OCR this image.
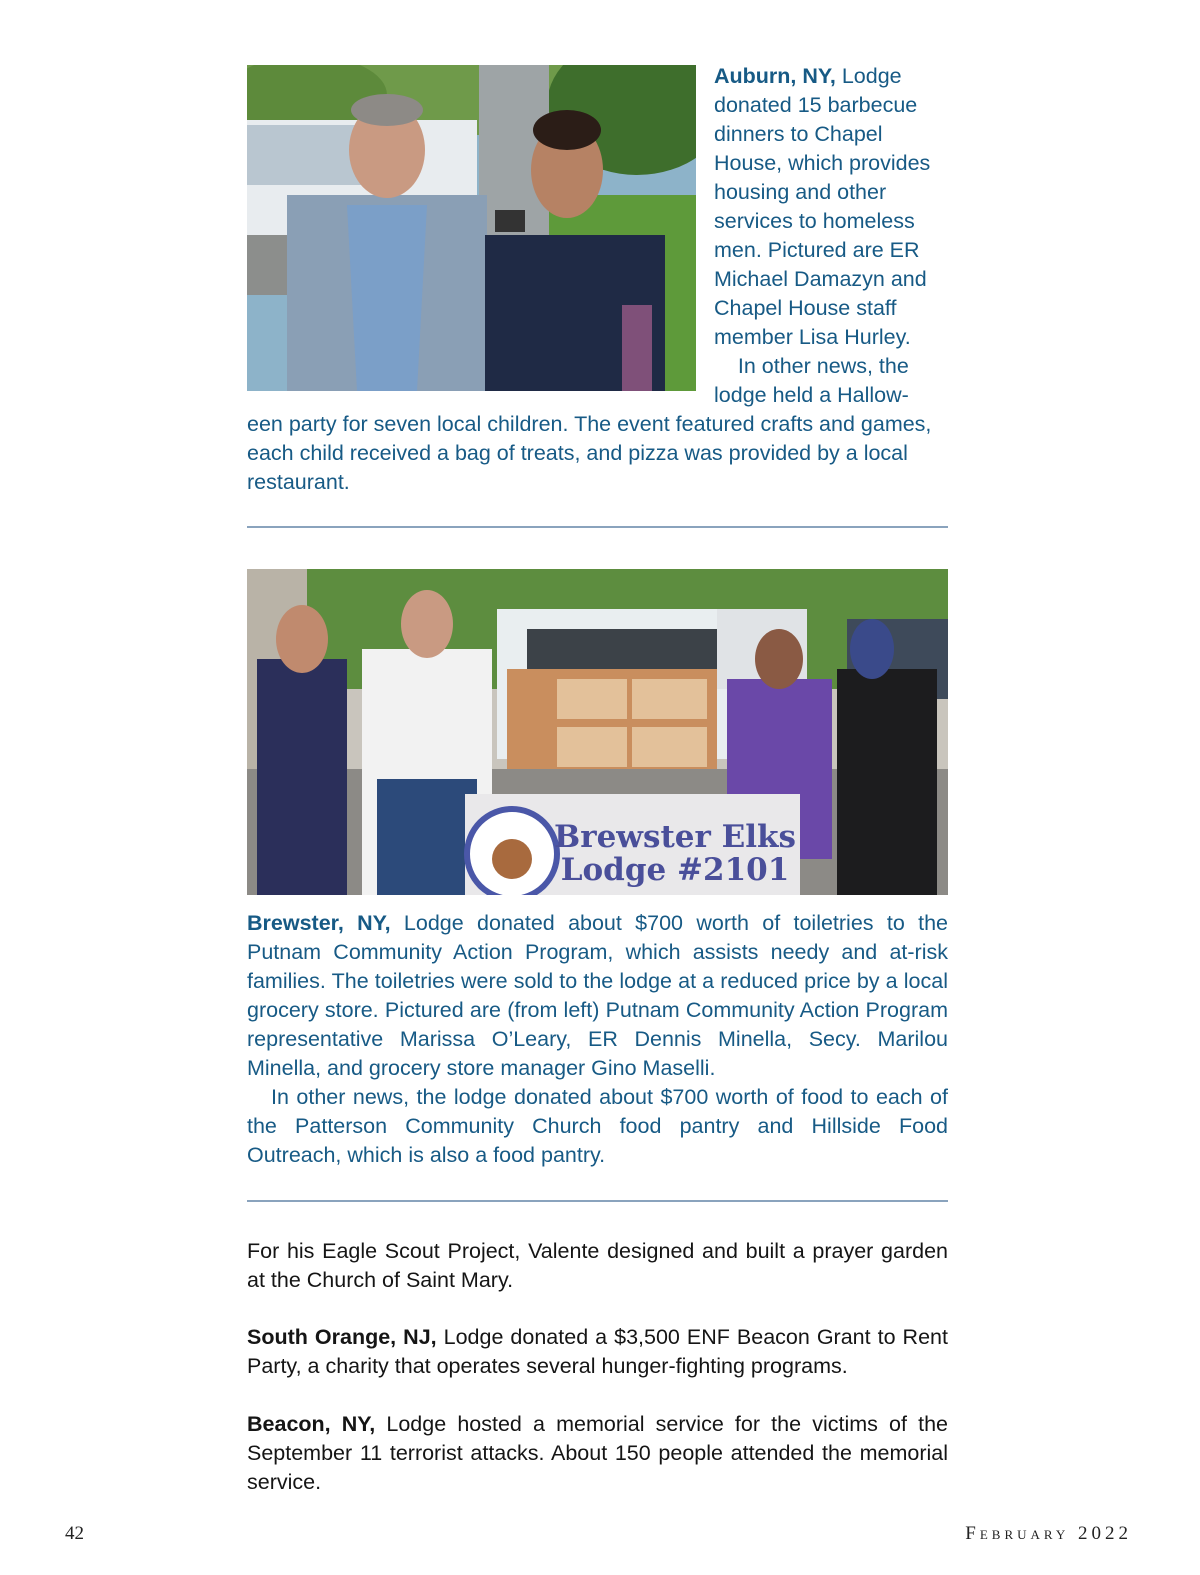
Auburn, NY, Lodge
donated 15 barbecue
dinners to Chapel
House, which provides
housing and other
services to homeless
men. Pictured are ER
Michael Damazyn and
Chapel House staff
member Lisa Hurley.
In other news, the
lodge held a Hallow-
een party for seven local children. The event featured crafts and games, each child received a bag of treats, and pizza was provided by a local restaurant.
Brewster Elks
Lodge #2101
Brewster, NY, Lodge donated about $700 worth of toiletries to the Putnam Community Action Program, which assists needy and at-risk families. The toiletries were sold to the lodge at a reduced price by a local grocery store. Pictured are (from left) Putnam Community Action Program representative Marissa O’Leary, ER Dennis Minella, Secy. Marilou Minella, and grocery store manager Gino Maselli.
In other news, the lodge donated about $700 worth of food to each of the Patterson Community Church food pantry and Hillside Food Outreach, which is also a food pantry.
For his Eagle Scout Project, Valente designed and built a prayer garden at the Church of Saint Mary.
South Orange, NJ, Lodge donated a $3,500 ENF Beacon Grant to Rent Party, a charity that operates several hunger-fighting programs.
Beacon, NY, Lodge hosted a memorial service for the victims of the September 11 terrorist attacks. About 150 people attended the memorial service.
42	February 2022
